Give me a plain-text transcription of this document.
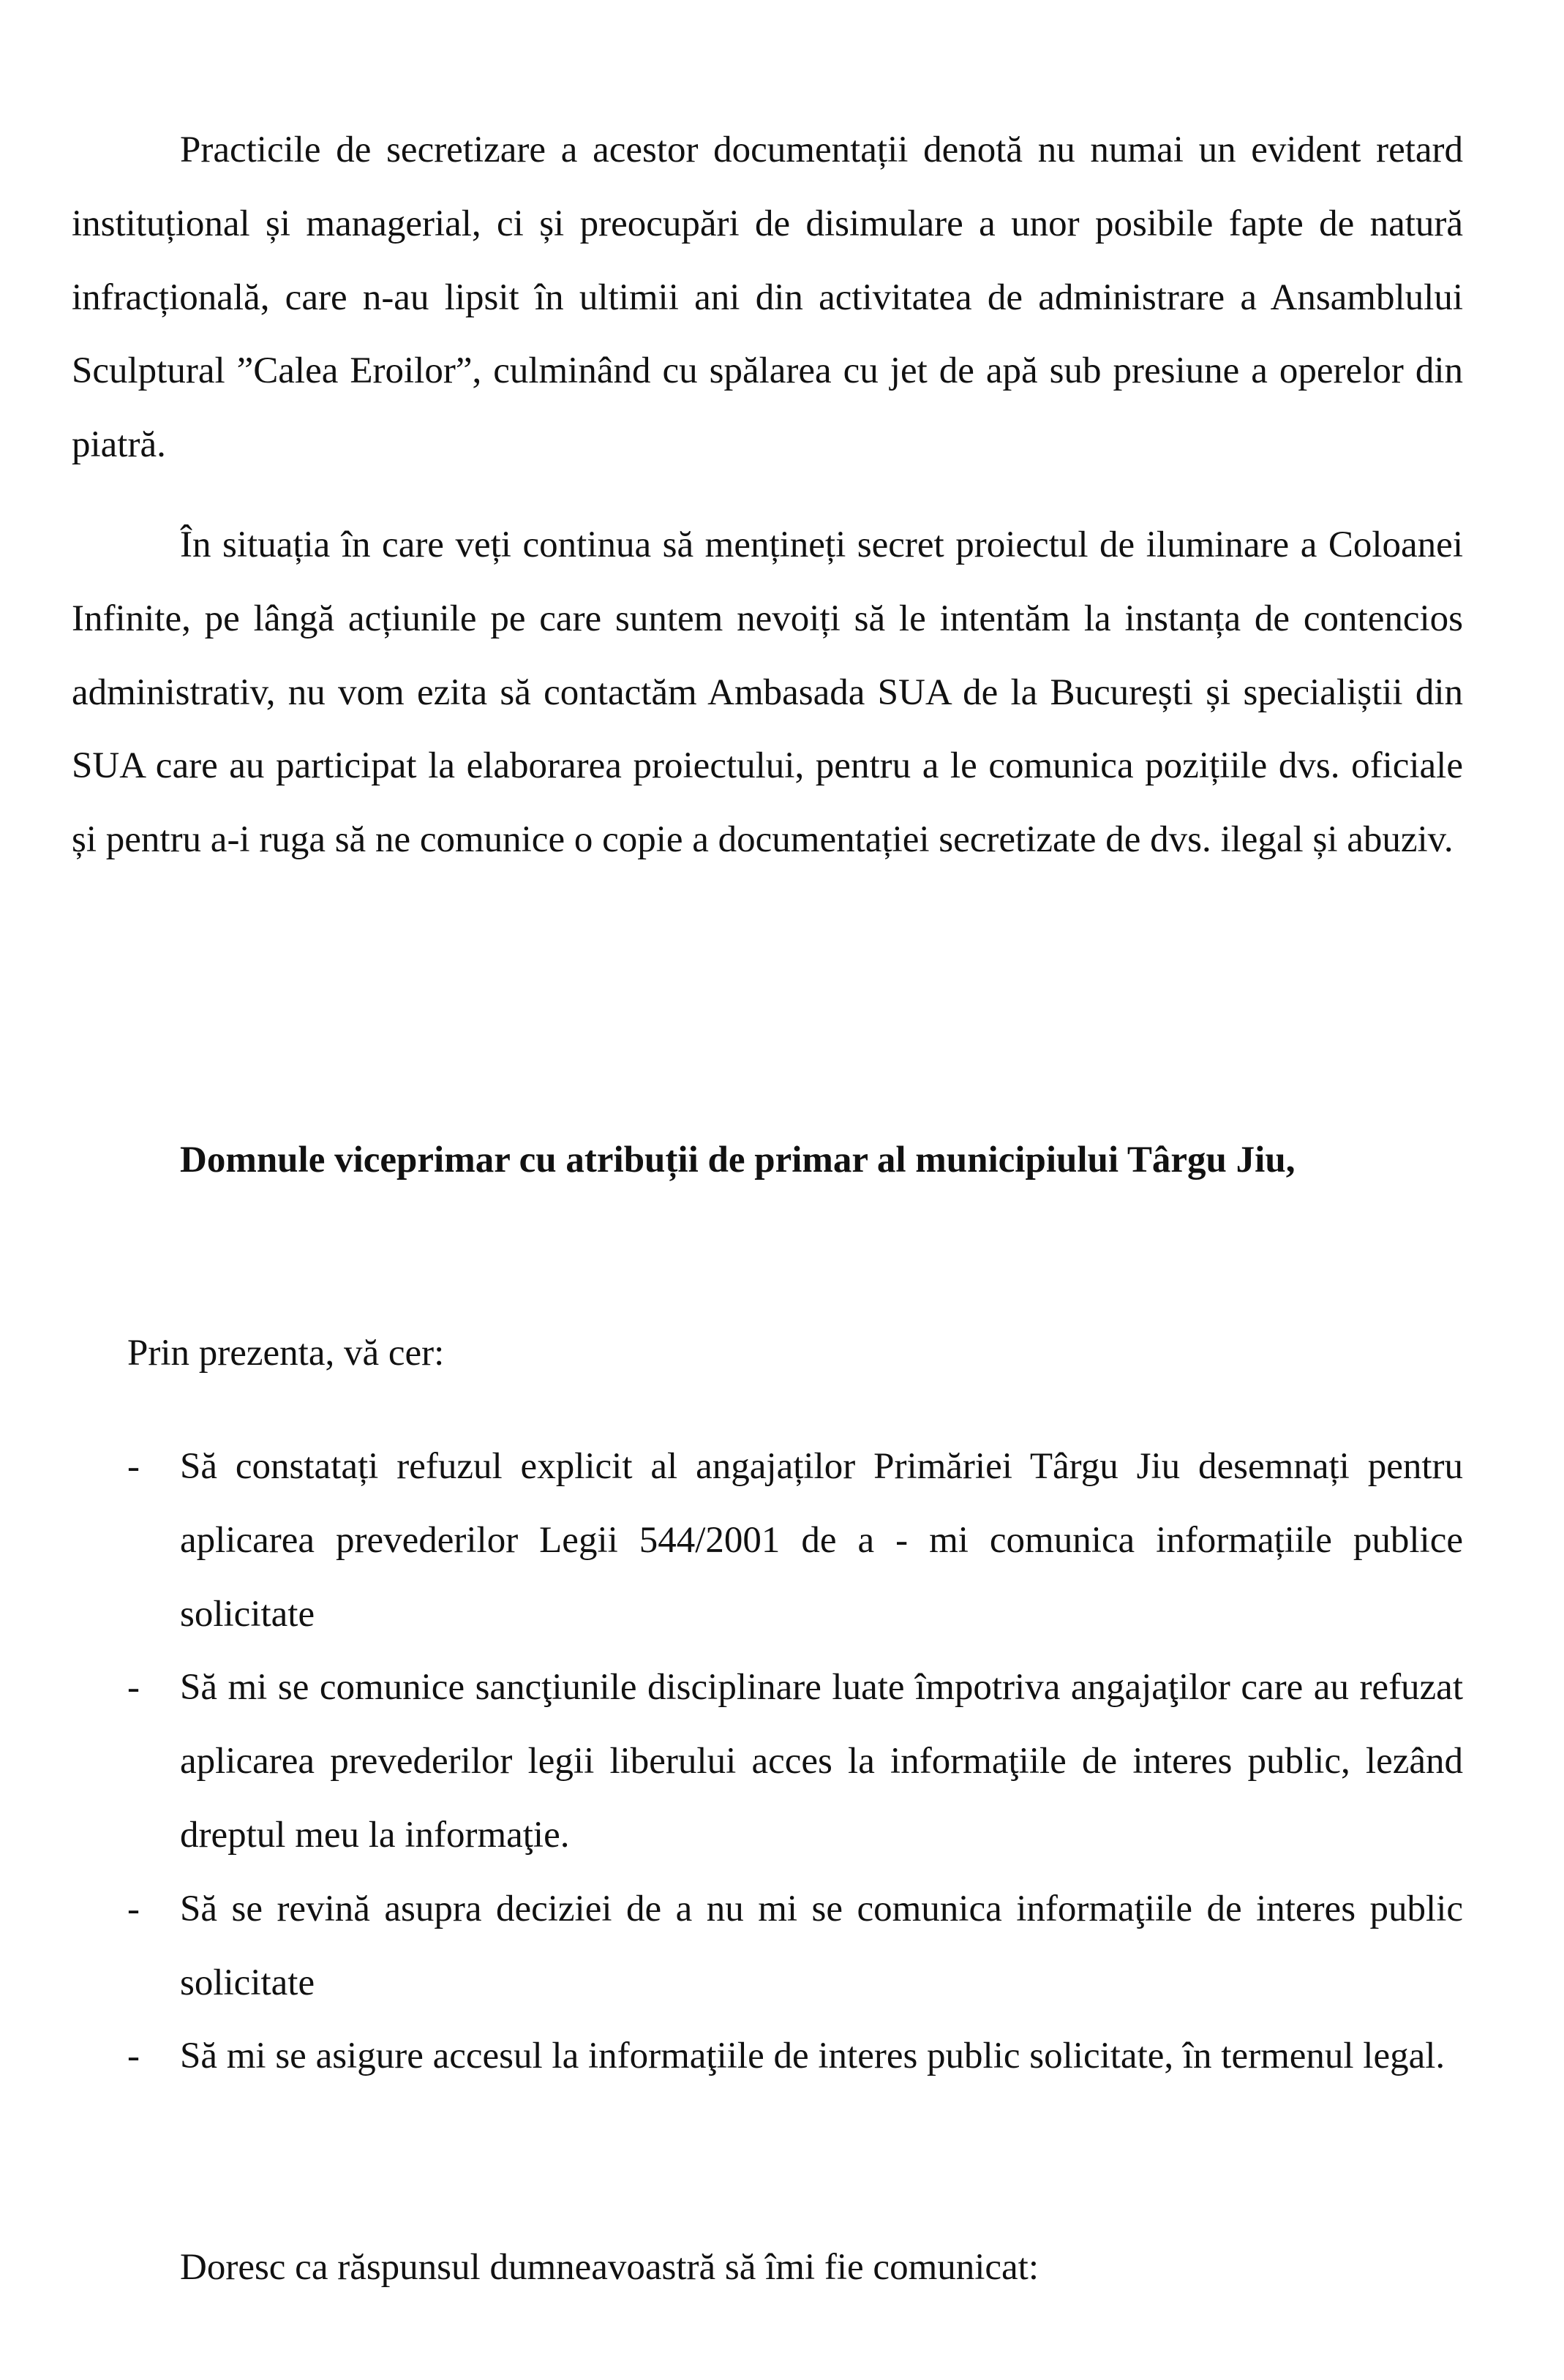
Practicile de secretizare a acestor documentații denotă nu numai un evident retard instituțional și managerial, ci și preocupări de disimulare a unor posibile fapte de natură infracțională, care n-au lipsit în ultimii ani din activitatea de administrare a Ansamblului Sculptural ”Calea Eroilor”, culminând cu spălarea cu jet de apă sub presiune a operelor din piatră.

În situația în care veți continua să mențineți secret proiectul de iluminare a Coloanei Infinite, pe lângă acțiunile pe care suntem nevoiți să le intentăm la instanța de contencios administrativ, nu vom ezita să contactăm Ambasada SUA de la București și specialiștii din SUA care au participat la elaborarea proiectului, pentru a le comunica pozițiile dvs. oficiale și pentru a-i ruga să ne comunice o copie a documentației secretizate de dvs. ilegal și abuziv.

Domnule viceprimar cu atribuții de primar al municipiului Târgu Jiu,

Prin prezenta, vă cer:

- Să constatați refuzul explicit al angajaților Primăriei Târgu Jiu desemnați pentru aplicarea prevederilor Legii 544/2001 de a - mi comunica informațiile publice solicitate
- Să mi se comunice sancţiunile disciplinare luate împotriva angajaţilor care au refuzat aplicarea prevederilor legii liberului acces la informaţiile de interes public, lezând dreptul meu la informaţie.
- Să se revină asupra deciziei de a nu mi se comunica informaţiile de interes public solicitate
- Să mi se asigure accesul la informaţiile de interes public solicitate, în termenul legal.

Doresc ca răspunsul dumneavoastră să îmi fie comunicat:
